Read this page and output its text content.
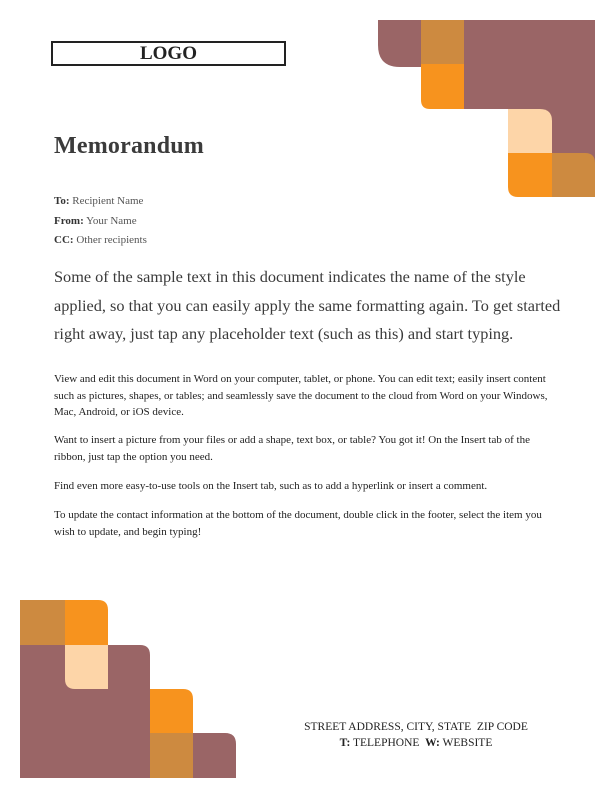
LOGO
Memorandum
To: Recipient Name
From: Your Name
CC: Other recipients
Some of the sample text in this document indicates the name of the style applied, so that you can easily apply the same formatting again. To get started right away, just tap any placeholder text (such as this) and start typing.
View and edit this document in Word on your computer, tablet, or phone. You can edit text; easily insert content such as pictures, shapes, or tables; and seamlessly save the document to the cloud from Word on your Windows, Mac, Android, or iOS device.
Want to insert a picture from your files or add a shape, text box, or table? You got it! On the Insert tab of the ribbon, just tap the option you need.
Find even more easy-to-use tools on the Insert tab, such as to add a hyperlink or insert a comment.
To update the contact information at the bottom of the document, double click in the footer, select the item you wish to update, and begin typing!
STREET ADDRESS, CITY, STATE  ZIP CODE
T: TELEPHONE W: WEBSITE
